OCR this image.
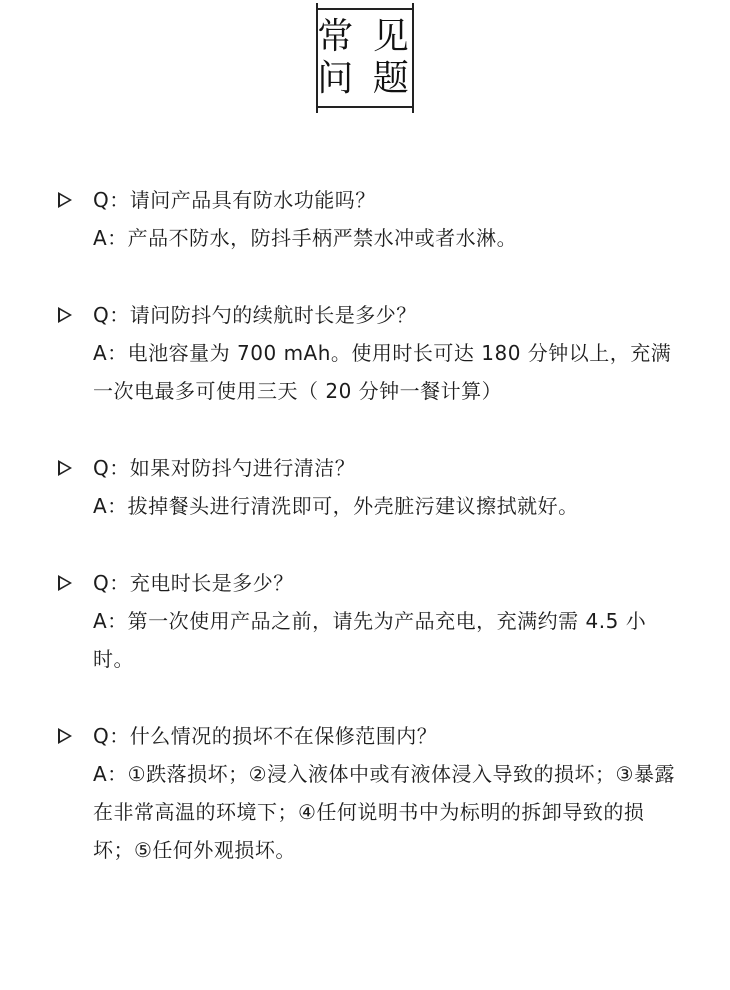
常 见
问 题
Q：请问产品具有防水功能吗？
A：产品不防水，防抖手柄严禁水冲或者水淋。
Q：请问防抖勺的续航时长是多少？
A：电池容量为 700 mAh。使用时长可达 180 分钟以上，充满一次电最多可使用三天（ 20 分钟一餐计算）
Q：如果对防抖勺进行清洁？
A：拔掉餐头进行清洗即可，外壳脏污建议擦拭就好。
Q：充电时长是多少？
A：第一次使用产品之前，请先为产品充电，充满约需 4.5 小时。
Q：什么情况的损坏不在保修范围内？
A：①跌落损坏；②浸入液体中或有液体浸入导致的损坏；③暴露在非常高温的环境下；④任何说明书中为标明的拆卸导致的损坏；⑤任何外观损坏。
